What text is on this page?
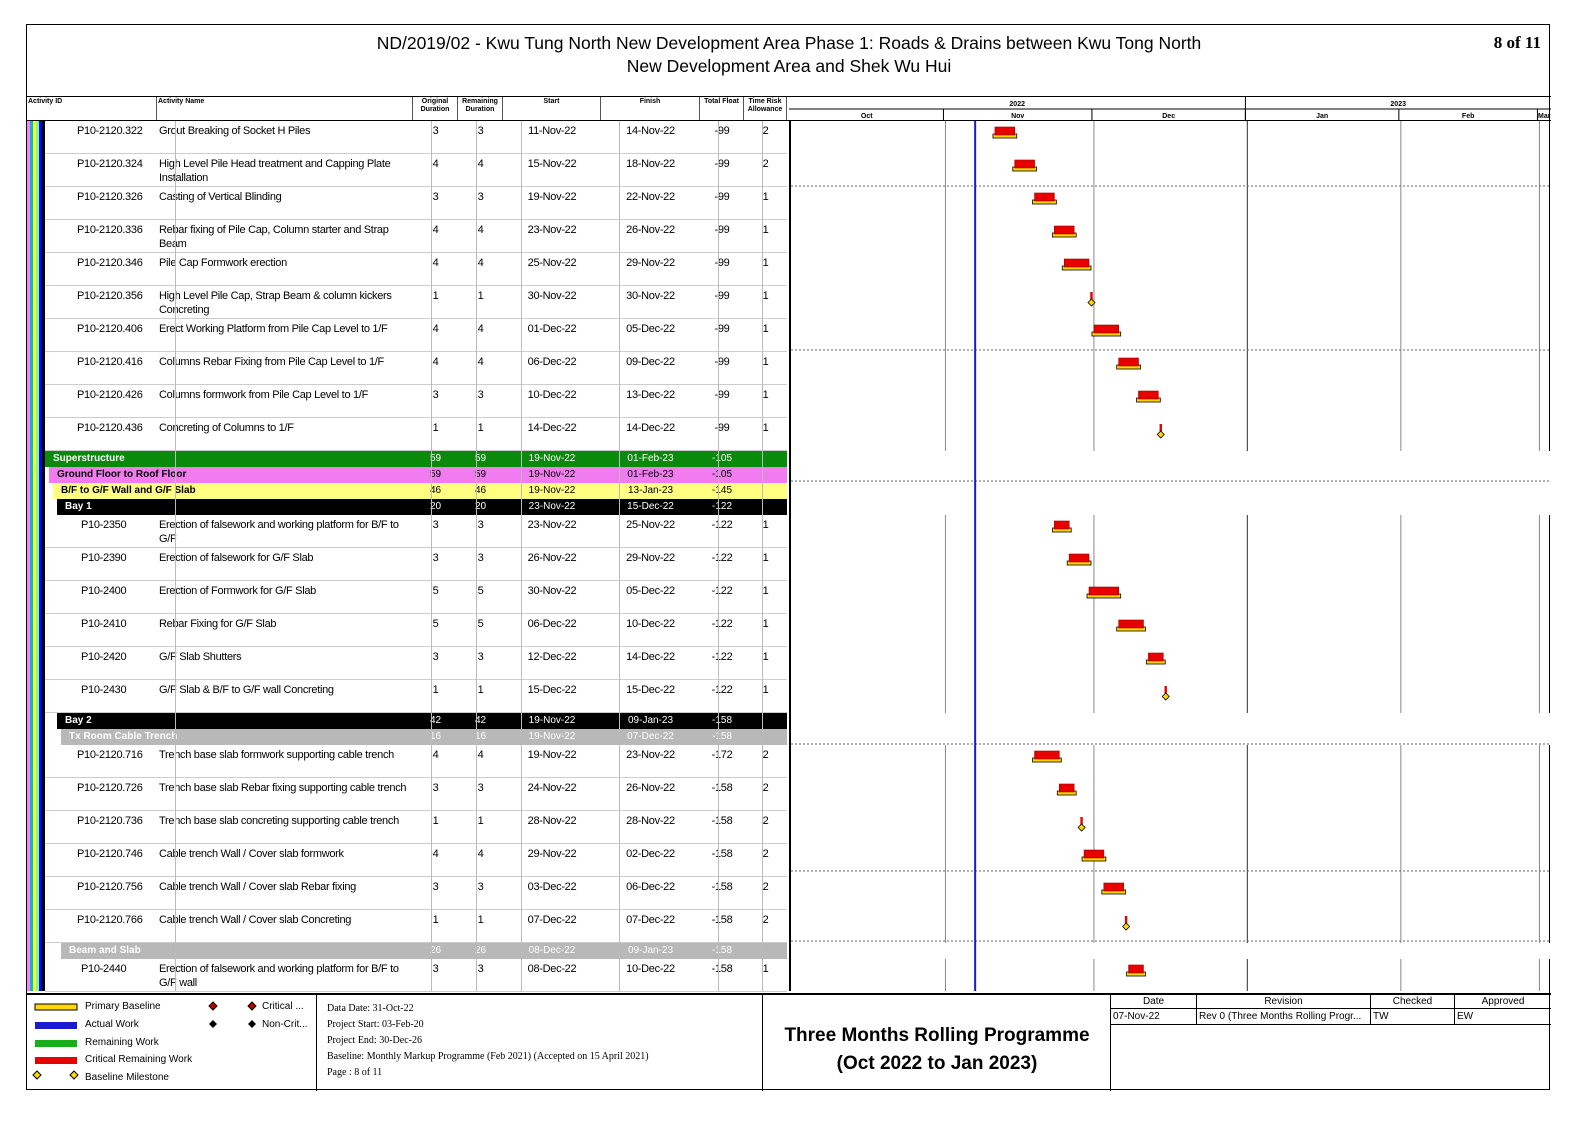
ND/2019/02 - Kwu Tung North New Development Area Phase 1: Roads & Drains between Kwu Tong North
New Development Area and Shek Wu Hui
8 of 11
Activity ID	Activity Name	Original
Duration
Remaining
Duration
Start	Finish	Total Float	Time Risk
Allowance
2022	2023
Oct	Nov	Dec	Jan	Feb	Mar
P10-2120.322 Grout Breaking of Socket H Piles	3	3	11-Nov-22	14-Nov-22	-99	2
P10-2120.324 High Level Pile Head treatment and Capping Plate
Installation
4	4	15-Nov-22	18-Nov-22	-99	2
P10-2120.326 Casting of Vertical Blinding	3	3	19-Nov-22	22-Nov-22	-99	1
P10-2120.336 Rebar fixing of Pile Cap, Column starter and Strap
Beam
4	4	23-Nov-22	26-Nov-22	-99	1
P10-2120.346 Pile Cap Formwork erection	4	4	25-Nov-22	29-Nov-22	-99	1
P10-2120.356 High Level Pile Cap, Strap Beam & column kickers
Concreting
1	1	30-Nov-22	30-Nov-22	-99	1
P10-2120.406 Erect Working Platform from Pile Cap Level to 1/F	4	4	01-Dec-22	05-Dec-22	-99	1
P10-2120.416 Columns Rebar Fixing from Pile Cap Level to 1/F	4	4	06-Dec-22	09-Dec-22	-99	1
P10-2120.426 Columns formwork from Pile Cap Level to 1/F	3	3	10-Dec-22	13-Dec-22	-99	1
P10-2120.436 Concreting of Columns to 1/F	1	1	14-Dec-22	14-Dec-22	-99	1
Superstructure	59	59	19-Nov-22	01-Feb-23	-105
Ground Floor to Roof Floor	59	59	19-Nov-22	01-Feb-23	-105
B/F to G/F Wall and G/F Slab	46	46	19-Nov-22	13-Jan-23	-145
Bay 1	20	20	23-Nov-22	15-Dec-22	-122
P10-2350	Erection of falsework and working platform for B/F to
G/F
3	3	23-Nov-22	25-Nov-22	-122	1
P10-2390	Erection of falsework for G/F Slab	3	3	26-Nov-22	29-Nov-22	-122	1
P10-2400	Erection of Formwork for G/F Slab	5	5	30-Nov-22	05-Dec-22	-122	1
P10-2410	Rebar Fixing for G/F Slab	5	5	06-Dec-22	10-Dec-22	-122	1
P10-2420	G/F Slab Shutters	3	3	12-Dec-22	14-Dec-22	-122	1
P10-2430	G/F Slab & B/F to G/F wall Concreting	1	1	15-Dec-22	15-Dec-22	-122	1
Bay 2	42	42	19-Nov-22	09-Jan-23	-158
Tx Room Cable Trench	16	16	19-Nov-22	07-Dec-22	-158
P10-2120.716 Trench base slab formwork supporting cable trench	4	4	19-Nov-22	23-Nov-22	-172	2
P10-2120.726 Trench base slab Rebar fixing supporting cable trench	3	3	24-Nov-22	26-Nov-22	-158	2
P10-2120.736 Trench base slab concreting supporting cable trench	1	1	28-Nov-22	28-Nov-22	-158	2
P10-2120.746 Cable trench Wall / Cover slab formwork	4	4	29-Nov-22	02-Dec-22	-158	2
P10-2120.756 Cable trench Wall / Cover slab Rebar fixing	3	3	03-Dec-22	06-Dec-22	-158	2
P10-2120.766 Cable trench Wall / Cover slab Concreting	1	1	07-Dec-22	07-Dec-22	-158	2
Beam and Slab	26	26	08-Dec-22	09-Jan-23	-158
P10-2440	Erection of falsework and working platform for B/F to
G/F wall
3	3	08-Dec-22	10-Dec-22	-158	1
Primary Baseline
Actual Work
Remaining Work
Critical Remaining Work
Baseline Milestone
Critical ...
Non-Crit...
Data Date: 31-Oct-22
Project Start: 03-Feb-20
Project End: 30-Dec-26
Baseline: Monthly Markup Programme (Feb 2021) (Accepted on 15 April 2021)
Page : 8 of 11
Three Months Rolling Programme
(Oct 2022 to Jan 2023)
Date	Revision	Checked	Approved
07-Nov-22	Rev 0 (Three Months Rolling Progr...	TW	EW
